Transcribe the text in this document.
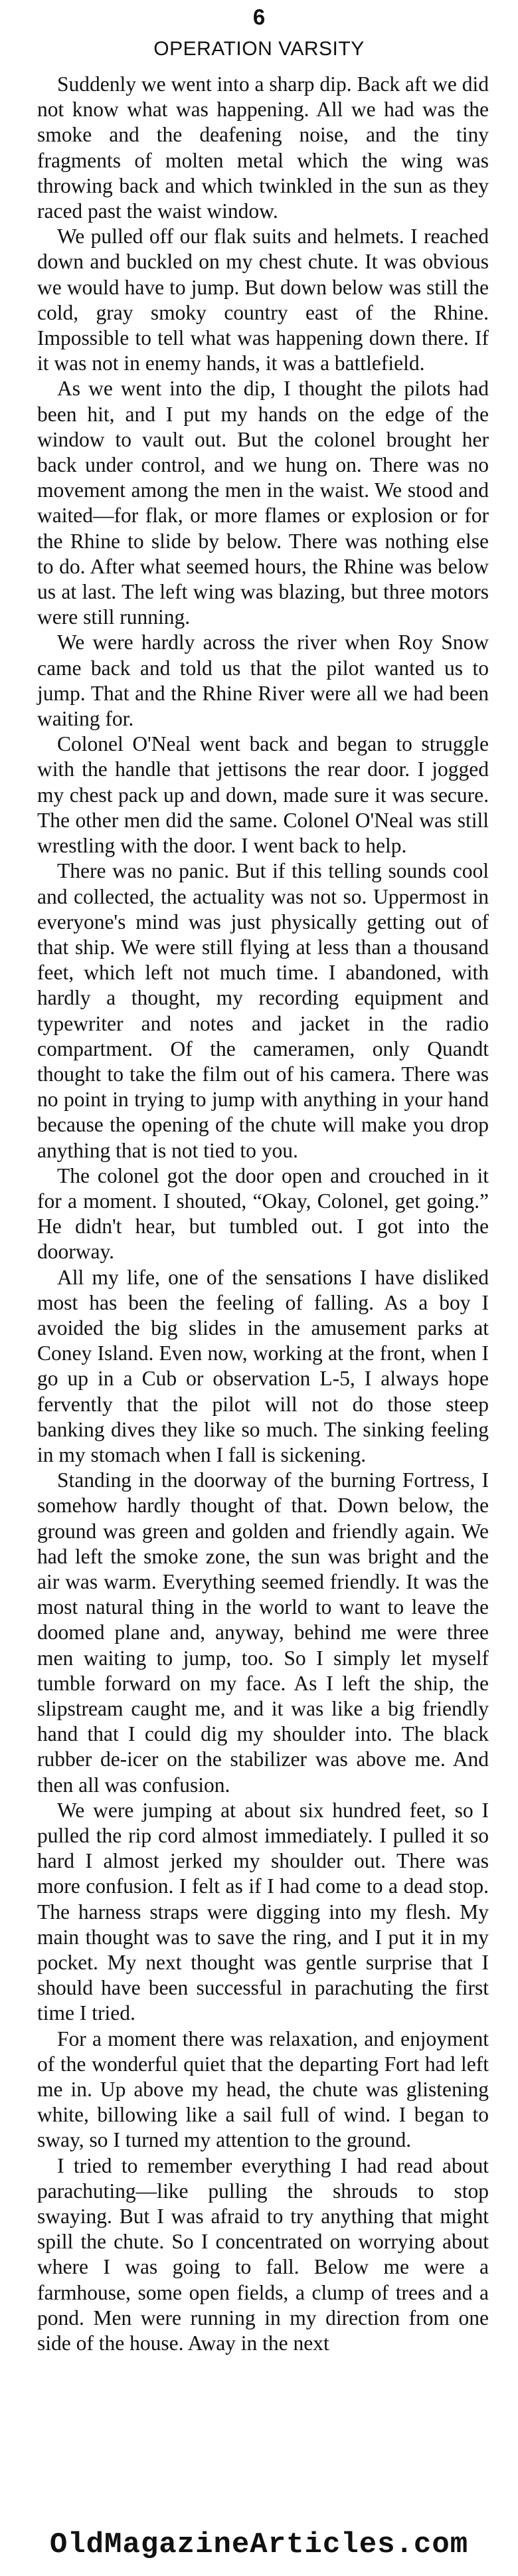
6
OPERATION VARSITY

Suddenly we went into a sharp dip. Back aft we did not know what was happening. All we had was the smoke and the deafening noise, and the tiny fragments of molten metal which the wing was throwing back and which twinkled in the sun as they raced past the waist window.

We pulled off our flak suits and helmets. I reached down and buckled on my chest chute. It was obvious we would have to jump. But down below was still the cold, gray smoky country east of the Rhine. Impossible to tell what was happening down there. If it was not in enemy hands, it was a battlefield.

As we went into the dip, I thought the pilots had been hit, and I put my hands on the edge of the window to vault out. But the colonel brought her back under control, and we hung on. There was no movement among the men in the waist. We stood and waited—for flak, or more flames or explosion or for the Rhine to slide by below. There was nothing else to do. After what seemed hours, the Rhine was below us at last. The left wing was blazing, but three motors were still running.

We were hardly across the river when Roy Snow came back and told us that the pilot wanted us to jump. That and the Rhine River were all we had been waiting for.

Colonel O'Neal went back and began to struggle with the handle that jettisons the rear door. I jogged my chest pack up and down, made sure it was secure. The other men did the same. Colonel O'Neal was still wrestling with the door. I went back to help.

There was no panic. But if this telling sounds cool and collected, the actuality was not so. Uppermost in everyone's mind was just physically getting out of that ship. We were still flying at less than a thousand feet, which left not much time. I abandoned, with hardly a thought, my recording equipment and typewriter and notes and jacket in the radio compartment. Of the cameramen, only Quandt thought to take the film out of his camera. There was no point in trying to jump with anything in your hand because the opening of the chute will make you drop anything that is not tied to you.

The colonel got the door open and crouched in it for a moment. I shouted, “Okay, Colonel, get going.” He didn't hear, but tumbled out. I got into the doorway.

All my life, one of the sensations I have disliked most has been the feeling of falling. As a boy I avoided the big slides in the amusement parks at Coney Island. Even now, working at the front, when I go up in a Cub or observation L-5, I always hope fervently that the pilot will not do those steep banking dives they like so much. The sinking feeling in my stomach when I fall is sickening.

Standing in the doorway of the burning Fortress, I somehow hardly thought of that. Down below, the ground was green and golden and friendly again. We had left the smoke zone, the sun was bright and the air was warm. Everything seemed friendly. It was the most natural thing in the world to want to leave the doomed plane and, anyway, behind me were three men waiting to jump, too. So I simply let myself tumble forward on my face. As I left the ship, the slipstream caught me, and it was like a big friendly hand that I could dig my shoulder into. The black rubber de-icer on the stabilizer was above me. And then all was confusion.

We were jumping at about six hundred feet, so I pulled the rip cord almost immediately. I pulled it so hard I almost jerked my shoulder out. There was more confusion. I felt as if I had come to a dead stop. The harness straps were digging into my flesh. My main thought was to save the ring, and I put it in my pocket. My next thought was gentle surprise that I should have been successful in parachuting the first time I tried.

For a moment there was relaxation, and enjoyment of the wonderful quiet that the departing Fort had left me in. Up above my head, the chute was glistening white, billowing like a sail full of wind. I began to sway, so I turned my attention to the ground.

I tried to remember everything I had read about parachuting—like pulling the shrouds to stop swaying. But I was afraid to try anything that might spill the chute. So I concentrated on worrying about where I was going to fall. Below me were a farmhouse, some open fields, a clump of trees and a pond. Men were running in my direction from one side of the house. Away in the next

OldMagazineArticles.com
